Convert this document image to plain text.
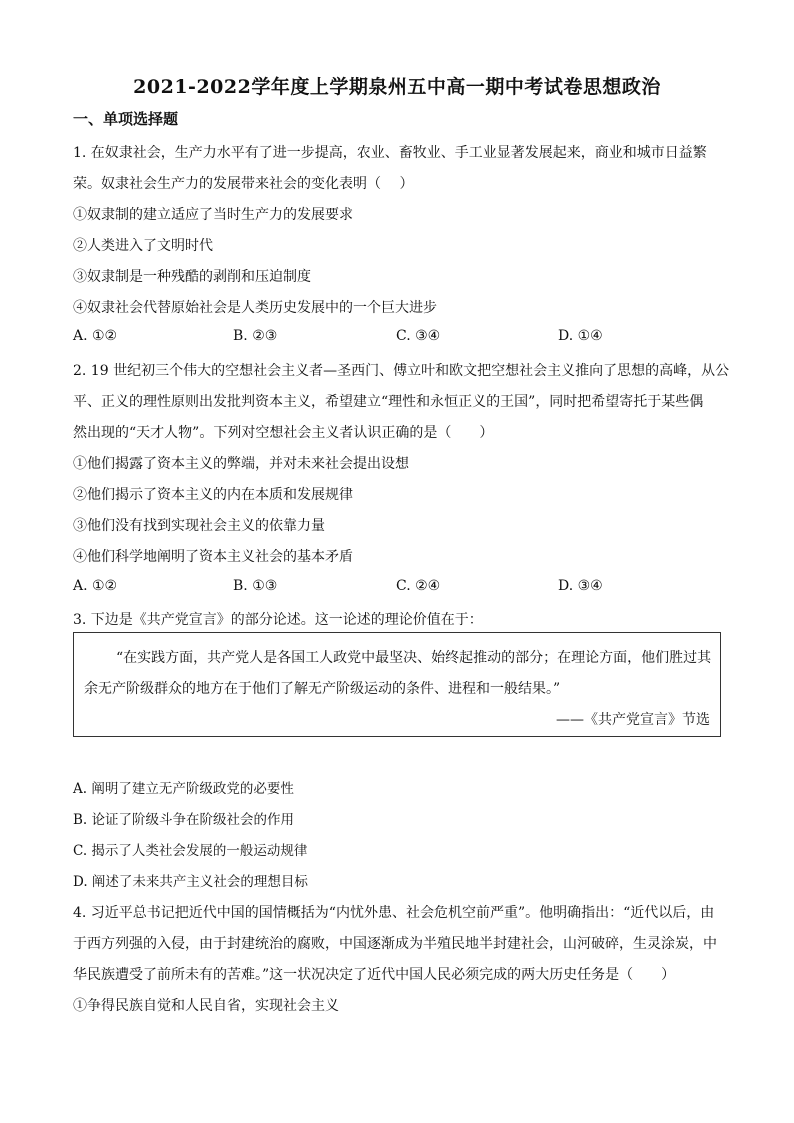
2021-2022学年度上学期泉州五中高一期中考试卷思想政治
一、单项选择题
1. 在奴隶社会，生产力水平有了进一步提高，农业、畜牧业、手工业显著发展起来，商业和城市日益繁
荣。奴隶社会生产力的发展带来社会的变化表明（　 ）
①奴隶制的建立适应了当时生产力的发展要求
②人类进入了文明时代
③奴隶制是一种残酷的剥削和压迫制度
④奴隶社会代替原始社会是人类历史发展中的一个巨大进步
A. ①②	B. ②③	C. ③④	D. ①④
2. 19 世纪初三个伟大的空想社会主义者—圣西门、傅立叶和欧文把空想社会主义推向了思想的高峰，从公
平、正义的理性原则出发批判资本主义，希望建立“理性和永恒正义的王国”，同时把希望寄托于某些偶
然出现的“天才人物”。下列对空想社会主义者认识正确的是（　　）
①他们揭露了资本主义的弊端，并对未来社会提出设想
②他们揭示了资本主义的内在本质和发展规律
③他们没有找到实现社会主义的依靠力量
④他们科学地阐明了资本主义社会的基本矛盾
A. ①②	B. ①③	C. ②④	D. ③④
3. 下边是《共产党宣言》的部分论述。这一论述的理论价值在于：
“在实践方面，共产党人是各国工人政党中最坚决、始终起推动的部分；在理论方面，他们胜过其
余无产阶级群众的地方在于他们了解无产阶级运动的条件、进程和一般结果。”
——《共产党宣言》节选
A. 阐明了建立无产阶级政党的必要性
B. 论证了阶级斗争在阶级社会的作用
C. 揭示了人类社会发展的一般运动规律
D. 阐述了未来共产主义社会的理想目标
4. 习近平总书记把近代中国的国情概括为“内忧外患、社会危机空前严重”。他明确指出：“近代以后，由
于西方列强的入侵，由于封建统治的腐败，中国逐渐成为半殖民地半封建社会，山河破碎，生灵涂炭，中
华民族遭受了前所未有的苦难。”这一状况决定了近代中国人民必须完成的两大历史任务是（　　）
①争得民族自觉和人民自省，实现社会主义
